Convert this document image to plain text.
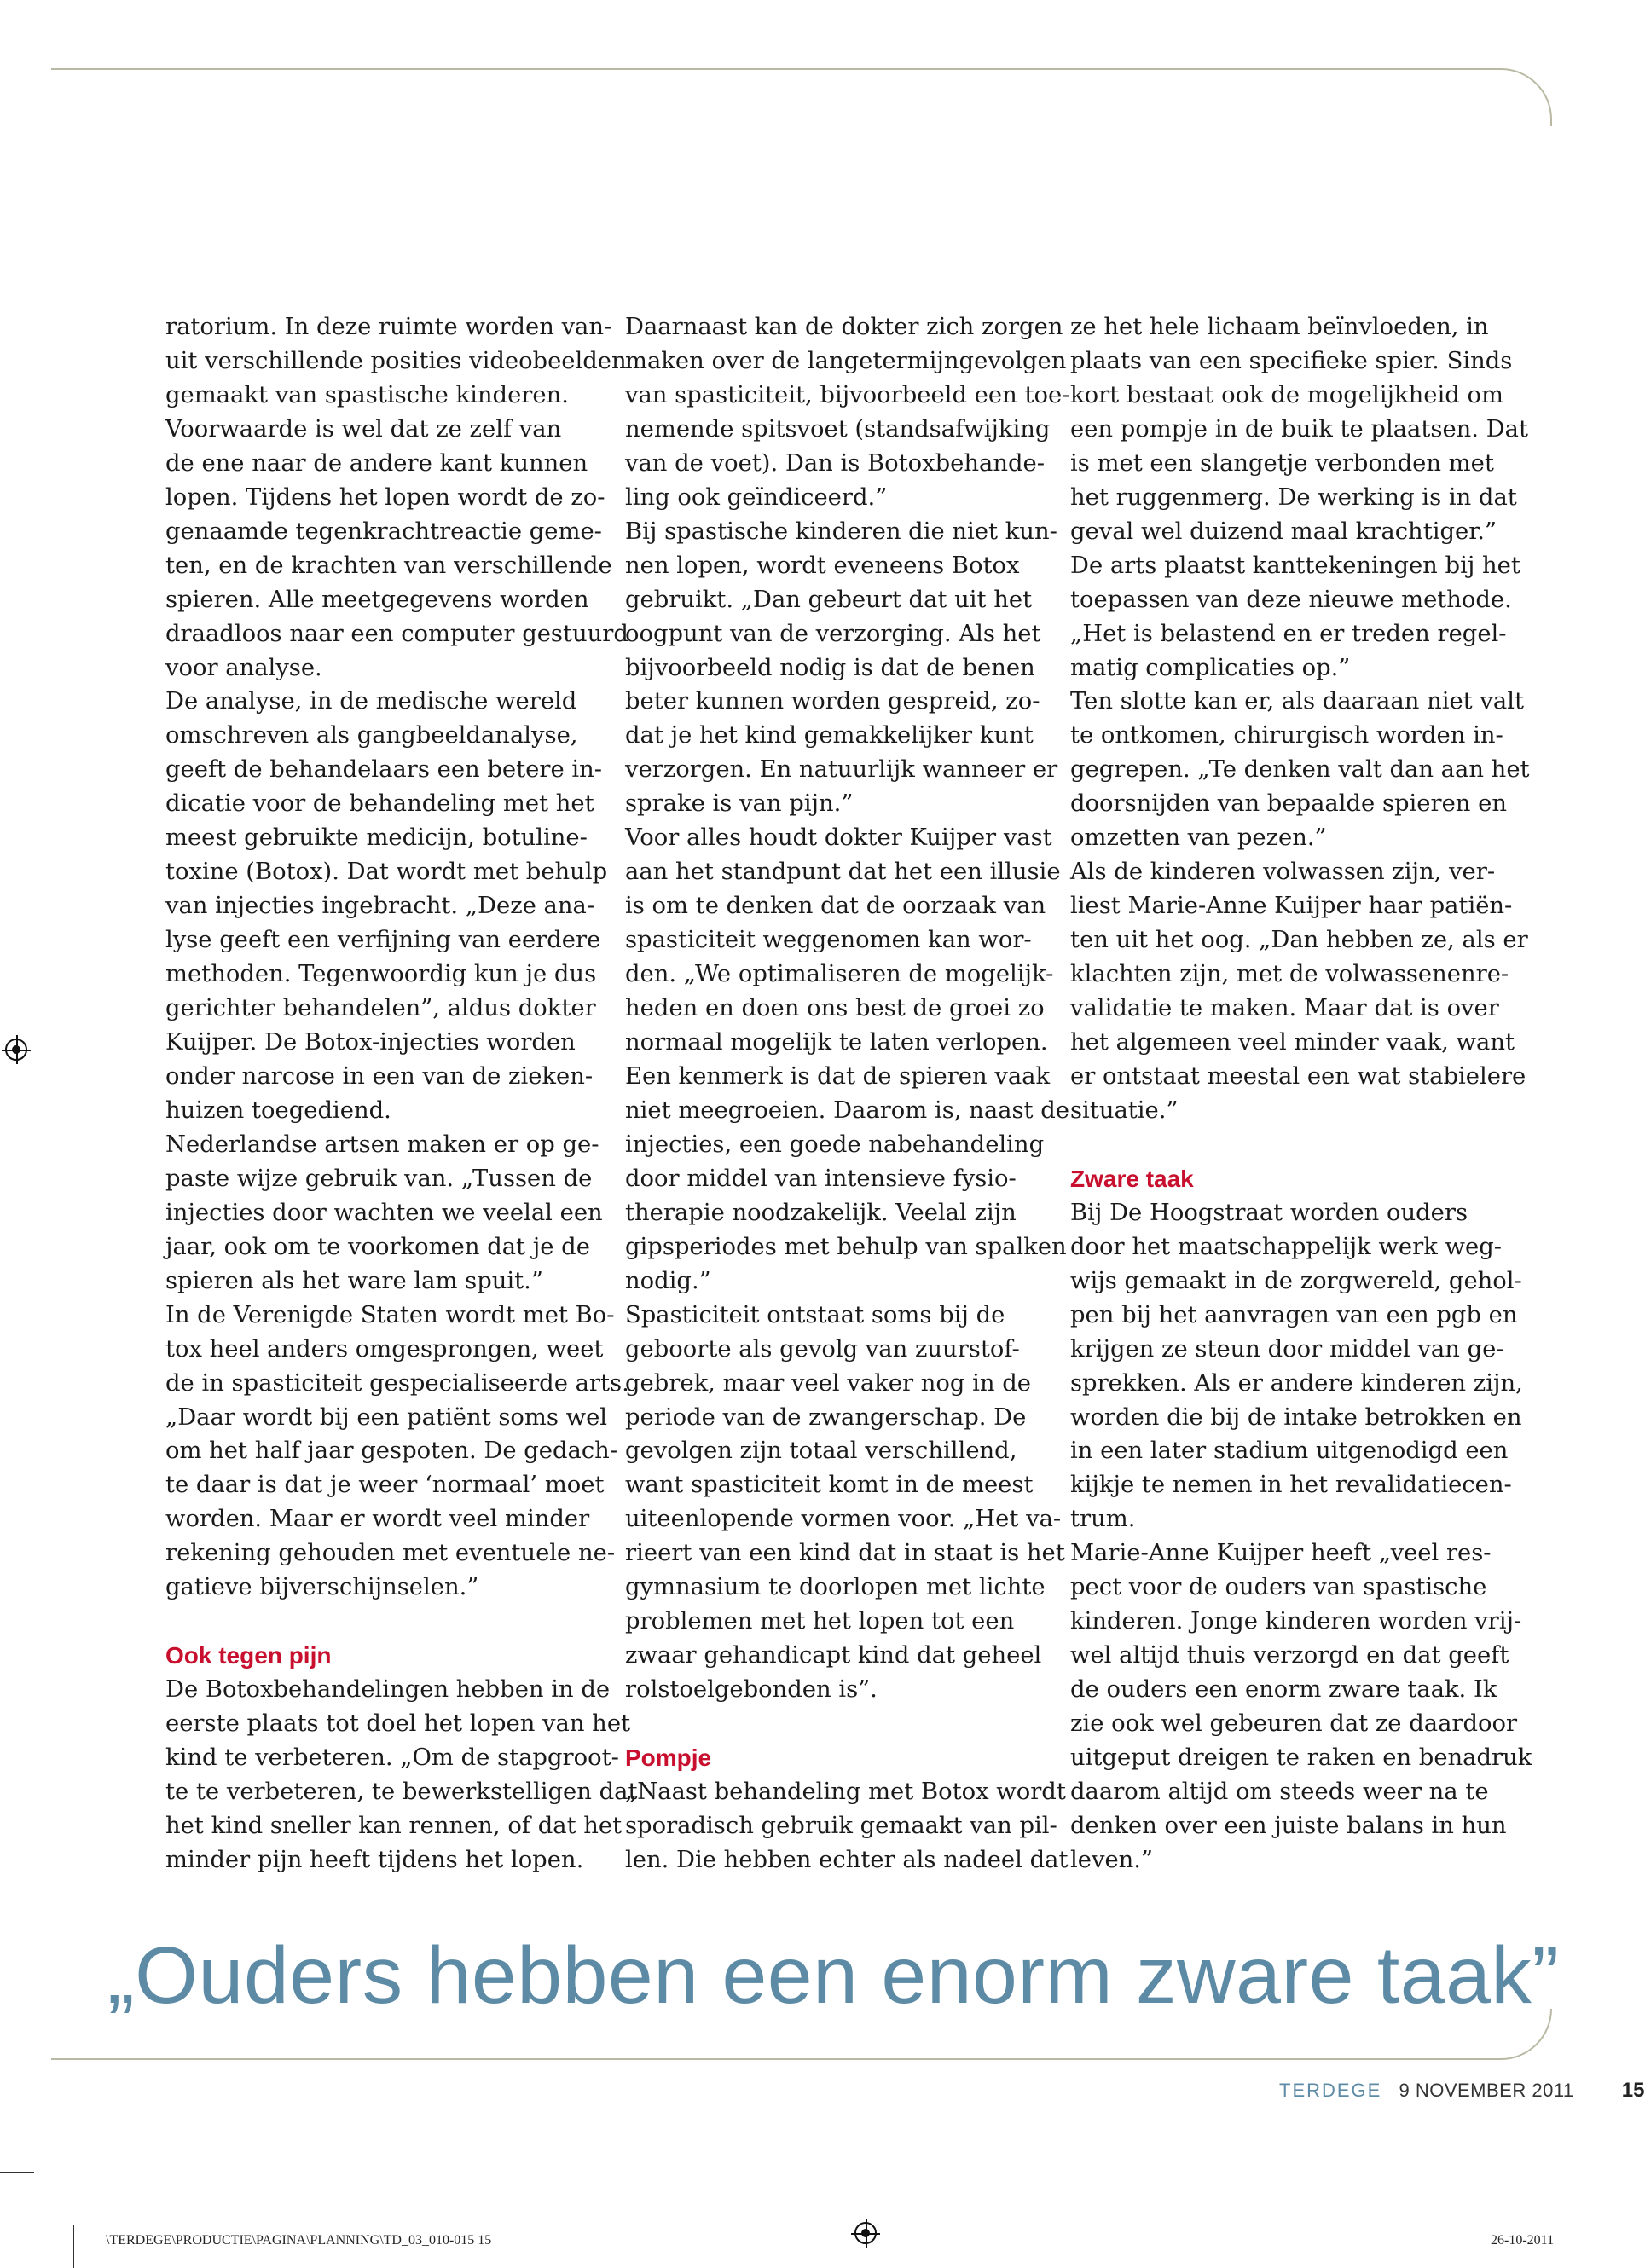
ratorium. In deze ruimte worden van-

uit verschillende posities videobeelden

gemaakt van spastische kinderen.

Voorwaarde is wel dat ze zelf van

de ene naar de andere kant kunnen

lopen. Tijdens het lopen wordt de zo-

genaamde tegenkrachtreactie geme-

ten, en de krachten van verschillende

spieren. Alle meetgegevens worden

draadloos naar een computer gestuurd

voor analyse.

De analyse, in de medische wereld

omschreven als gangbeeldanalyse,

geeft de behandelaars een betere in-

dicatie voor de behandeling met het

meest gebruikte medicijn, botuline-

toxine (Botox). Dat wordt met behulp

van injecties ingebracht. „Deze ana-

lyse geeft een verfijning van eerdere

methoden. Tegenwoordig kun je dus

gerichter behandelen”, aldus dokter

Kuijper. De Botox-injecties worden

onder narcose in een van de zieken-

huizen toegediend.

Nederlandse artsen maken er op ge-

paste wijze gebruik van. „Tussen de

injecties door wachten we veelal een

jaar, ook om te voorkomen dat je de

spieren als het ware lam spuit.”

In de Verenigde Staten wordt met Bo-

tox heel anders omgesprongen, weet

de in spasticiteit gespecialiseerde arts.

„Daar wordt bij een patiënt soms wel

om het half jaar gespoten. De gedach-

te daar is dat je weer ‘normaal’ moet

worden. Maar er wordt veel minder

rekening gehouden met eventuele ne-

gatieve bijverschijnselen.”

Ook tegen pijn

De Botoxbehandelingen hebben in de

eerste plaats tot doel het lopen van het

kind te verbeteren. „Om de stapgroot-

te te verbeteren, te bewerkstelligen dat

het kind sneller kan rennen, of dat het

minder pijn heeft tijdens het lopen.

Daarnaast kan de dokter zich zorgen

maken over de langetermijngevolgen

van spasticiteit, bijvoorbeeld een toe-

nemende spitsvoet (standsafwijking

van de voet). Dan is Botoxbehande-

ling ook geïndiceerd.”

Bij spastische kinderen die niet kun-

nen lopen, wordt eveneens Botox

gebruikt. „Dan gebeurt dat uit het

oogpunt van de verzorging. Als het

bijvoorbeeld nodig is dat de benen

beter kunnen worden gespreid, zo-

dat je het kind gemakkelijker kunt

verzorgen. En natuurlijk wanneer er

sprake is van pijn.”

Voor alles houdt dokter Kuijper vast

aan het standpunt dat het een illusie

is om te denken dat de oorzaak van

spasticiteit weggenomen kan wor-

den. „We optimaliseren de mogelijk-

heden en doen ons best de groei zo

normaal mogelijk te laten verlopen.

Een kenmerk is dat de spieren vaak

niet meegroeien. Daarom is, naast de

injecties, een goede nabehandeling

door middel van intensieve fysio-

therapie noodzakelijk. Veelal zijn

gipsperiodes met behulp van spalken

nodig.”

Spasticiteit ontstaat soms bij de

geboorte als gevolg van zuurstof-

gebrek, maar veel vaker nog in de

periode van de zwangerschap. De

gevolgen zijn totaal verschillend,

want spasticiteit komt in de meest

uiteenlopende vormen voor. „Het va-

rieert van een kind dat in staat is het

gymnasium te doorlopen met lichte

problemen met het lopen tot een

zwaar gehandicapt kind dat geheel

rolstoelgebonden is”.

Pompje

„Naast behandeling met Botox wordt

sporadisch gebruik gemaakt van pil-

len. Die hebben echter als nadeel dat

ze het hele lichaam beïnvloeden, in

plaats van een specifieke spier. Sinds

kort bestaat ook de mogelijkheid om

een pompje in de buik te plaatsen. Dat

is met een slangetje verbonden met

het ruggenmerg. De werking is in dat

geval wel duizend maal krachtiger.”

De arts plaatst kanttekeningen bij het

toepassen van deze nieuwe methode.

„Het is belastend en er treden regel-

matig complicaties op.”

Ten slotte kan er, als daaraan niet valt

te ontkomen, chirurgisch worden in-

gegrepen. „Te denken valt dan aan het

doorsnijden van bepaalde spieren en

omzetten van pezen.”

Als de kinderen volwassen zijn, ver-

liest Marie-Anne Kuijper haar patiën-

ten uit het oog. „Dan hebben ze, als er

klachten zijn, met de volwassenenre-

validatie te maken. Maar dat is over

het algemeen veel minder vaak, want

er ontstaat meestal een wat stabielere

situatie.”

Zware taak

Bij De Hoogstraat worden ouders

door het maatschappelijk werk weg-

wijs gemaakt in de zorgwereld, gehol-

pen bij het aanvragen van een pgb en

krijgen ze steun door middel van ge-

sprekken. Als er andere kinderen zijn,

worden die bij de intake betrokken en

in een later stadium uitgenodigd een

kijkje te nemen in het revalidatiecen-

trum.

Marie-Anne Kuijper heeft „veel res-

pect voor de ouders van spastische

kinderen. Jonge kinderen worden vrij-

wel altijd thuis verzorgd en dat geeft

de ouders een enorm zware taak. Ik

zie ook wel gebeuren dat ze daardoor

uitgeput dreigen te raken en benadruk

daarom altijd om steeds weer na te

denken over een juiste balans in hun

leven.”

„Ouders hebben een enorm zware taak”
TERDEGE 9 NOVEMBER 2011 15
\TERDEGE\PRODUCTIE\PAGINA\PLANNING\TD_03_010-015 15	26-10-2011
